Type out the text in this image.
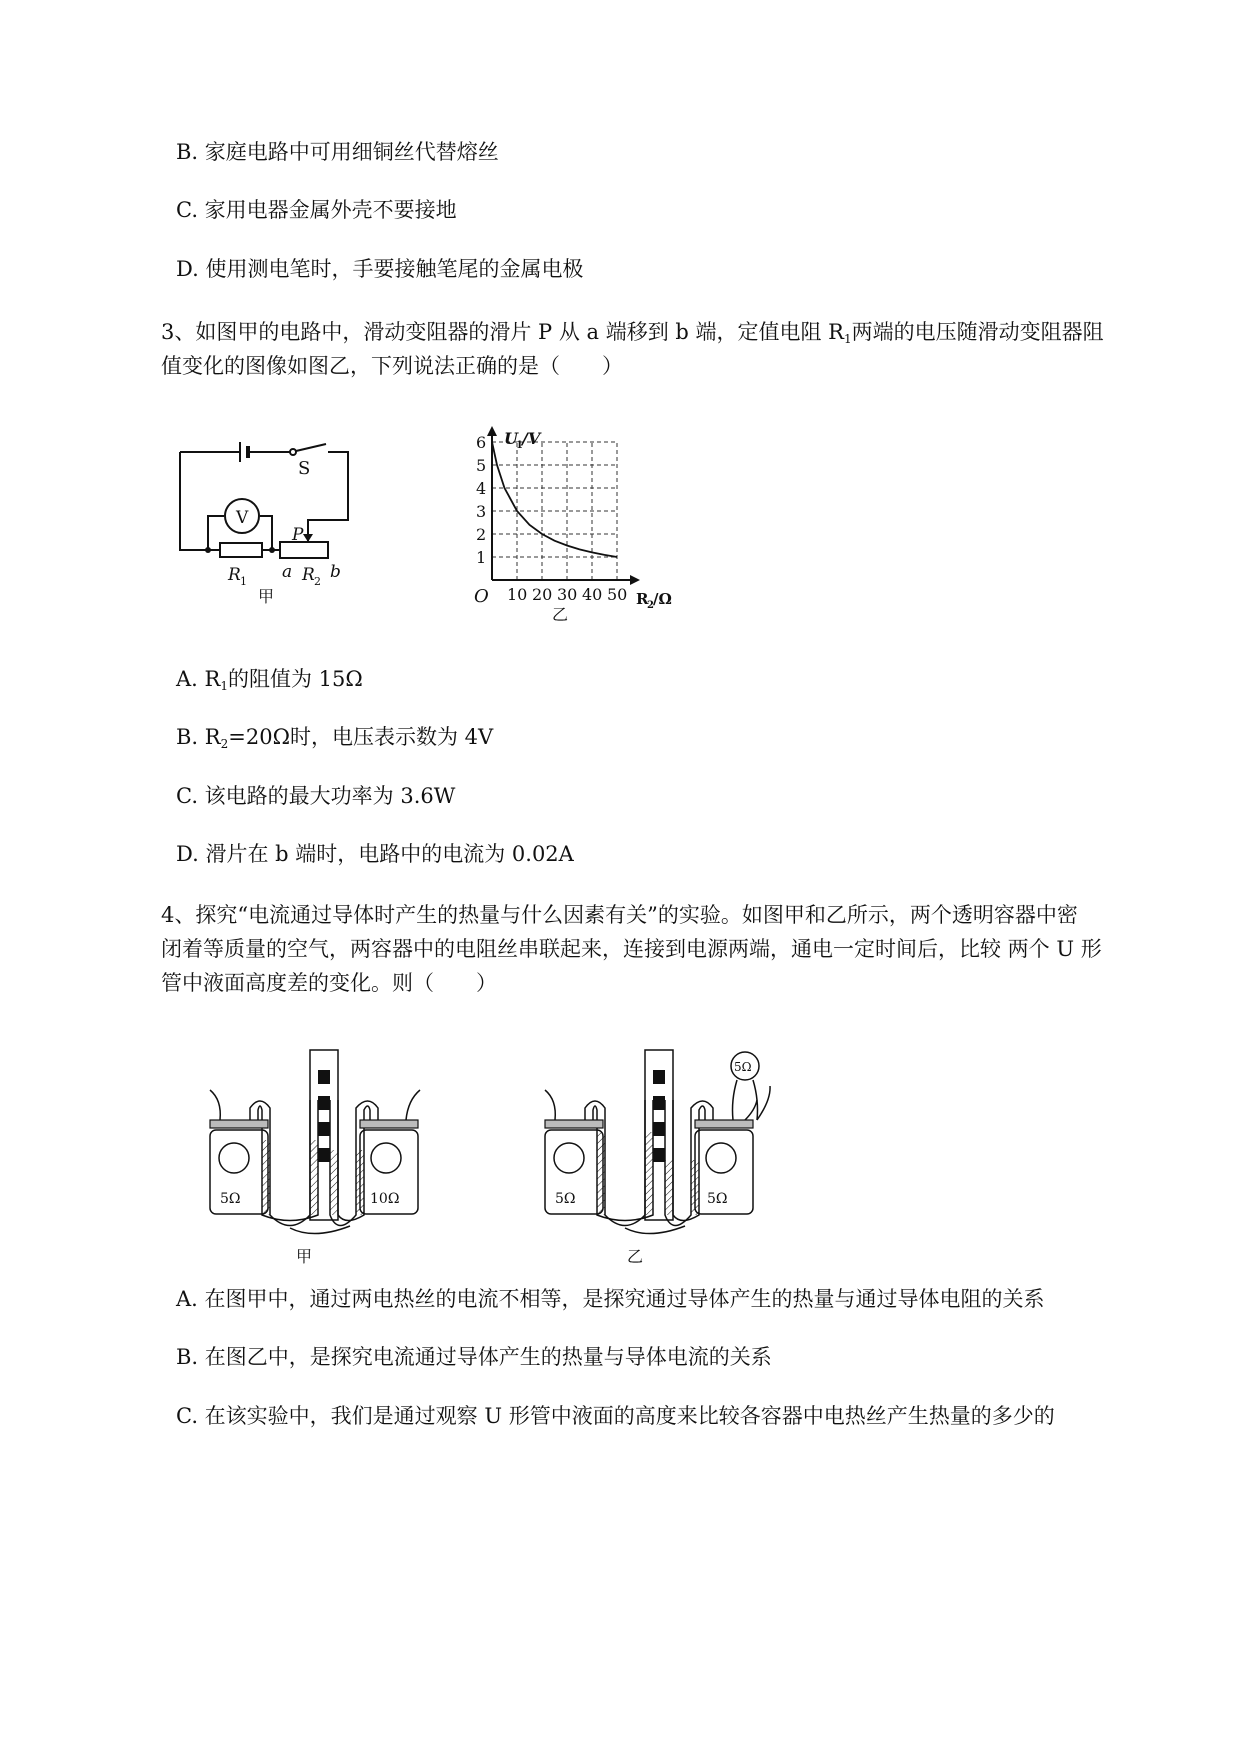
B. 家庭电路中可用细铜丝代替熔丝
C. 家用电器金属外壳不要接地
D. 使用测电笔时，手要接触笔尾的金属电极
3、如图甲的电路中，滑动变阻器的滑片 P 从 a 端移到 b 端，定值电阻 $R_1$两端的电压随滑动变阻器阻
值变化的图像如图乙，下列说法正确的是（　　）
S
V
P
R 1 a R 2 b
甲	10 20 30 40 50
1
2
3
4
5
6 U
1 /V
O	R
2 /Ω
乙
A. $R_1$的阻值为 15Ω
B. $R_2=20\Omega$时，电压表示数为 4V
C. 该电路的最大功率为 3.6W
D. 滑片在 b 端时，电路中的电流为 0.02A
4、探究“电流通过导体时产生的热量与什么因素有关”的实验。如图甲和乙所示，两个透明容器中密
闭着等质量的空气，两容器中的电阻丝串联起来，连接到电源两端，通电一定时间后，比较 两个 U 形
管中液面高度差的变化。则（　　）
5Ω	10Ω
甲
5Ω	5Ω
5Ω
乙
A. 在图甲中，通过两电热丝的电流不相等，是探究通过导体产生的热量与通过导体电阻的关系
B. 在图乙中，是探究电流通过导体产生的热量与导体电流的关系
C. 在该实验中，我们是通过观察 U 形管中液面的高度来比较各容器中电热丝产生热量的多少的
